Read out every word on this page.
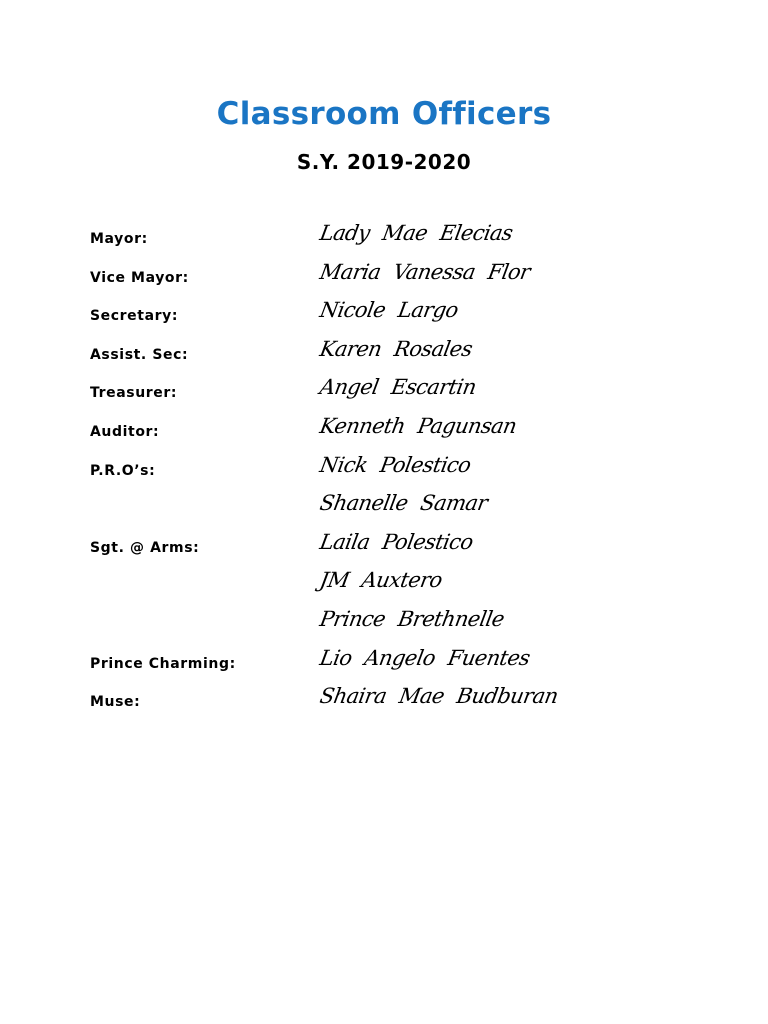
Classroom Officers
S.Y. 2019-2020
Mayor:	Lady Mae Elecias
Vice Mayor:	Maria Vanessa Flor
Secretary:	Nicole Largo
Assist. Sec:	Karen Rosales
Treasurer:	Angel Escartin
Auditor:	Kenneth Pagunsan
P.R.O’s:	Nick Polestico
Shanelle Samar
Sgt. @ Arms:	Laila Polestico
JM Auxtero
Prince Brethnelle
Prince Charming:	Lio Angelo Fuentes
Muse:	Shaira Mae Budburan
